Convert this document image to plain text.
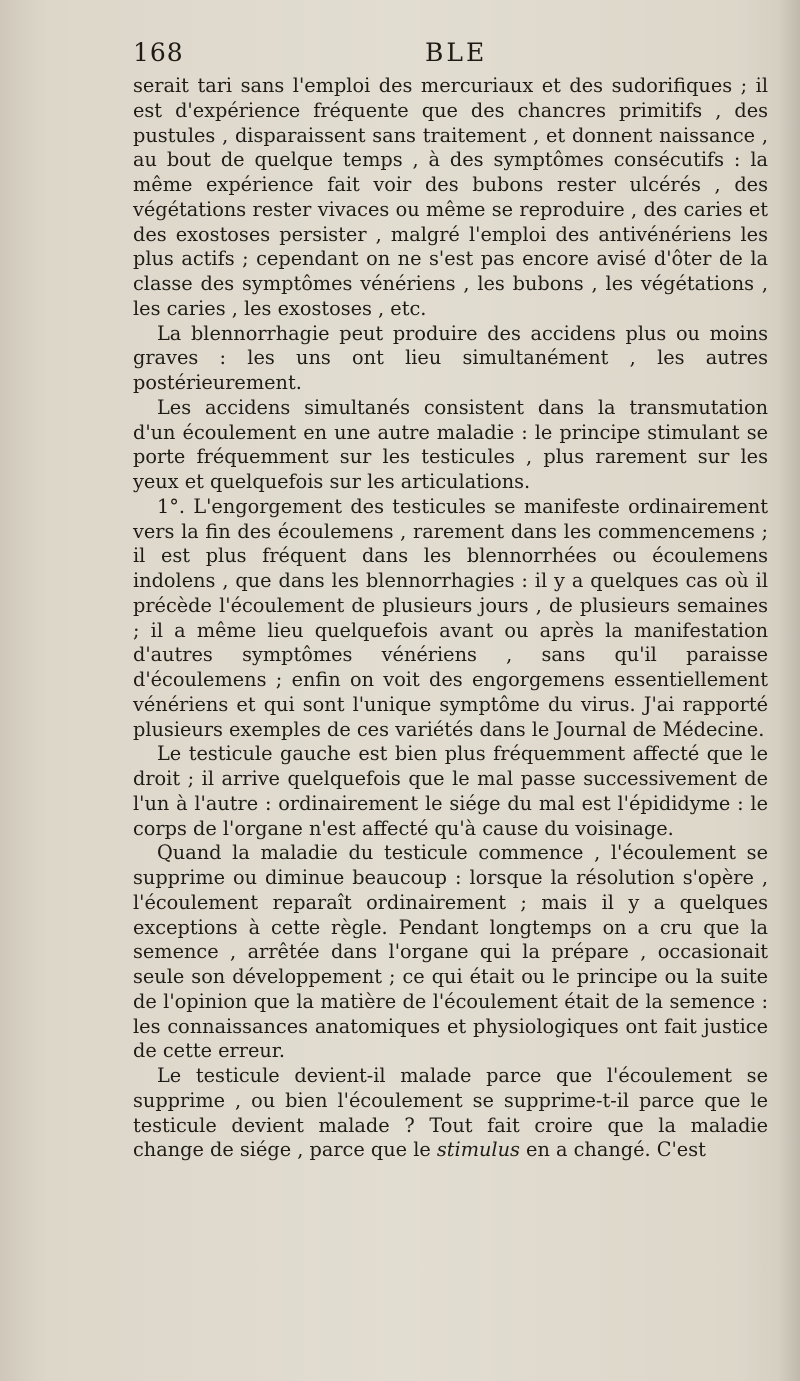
168	BLE

serait tari sans l'emploi des mercuriaux et des sudorifiques ; il est d'expérience fréquente que des chancres primitifs , des pustules , disparaissent sans traitement , et donnent naissance , au bout de quelque temps , à des symptômes consécutifs : la même expérience fait voir des bubons rester ulcérés , des végétations rester vivaces ou même se reproduire , des caries et des exostoses persister , malgré l'emploi des antivénériens les plus actifs ; cependant on ne s'est pas encore avisé d'ôter de la classe des symptômes vénériens , les bubons , les végétations , les caries , les exostoses , etc.

La blennorrhagie peut produire des accidens plus ou moins graves : les uns ont lieu simultanément , les autres postérieurement.

Les accidens simultanés consistent dans la transmutation d'un écoulement en une autre maladie : le principe stimulant se porte fréquemment sur les testicules , plus rarement sur les yeux et quelquefois sur les articulations.

1°. L'engorgement des testicules se manifeste ordinairement vers la fin des écoulemens , rarement dans les commencemens ; il est plus fréquent dans les blennorrhées ou écoulemens indolens , que dans les blennorrhagies : il y a quelques cas où il précède l'écoulement de plusieurs jours , de plusieurs semaines ; il a même lieu quelquefois avant ou après la manifestation d'autres symptômes vénériens , sans qu'il paraisse d'écoulemens ; enfin on voit des engorgemens essentiellement vénériens et qui sont l'unique symptôme du virus. J'ai rapporté plusieurs exemples de ces variétés dans le Journal de Médecine.

Le testicule gauche est bien plus fréquemment affecté que le droit ; il arrive quelquefois que le mal passe successivement de l'un à l'autre : ordinairement le siége du mal est l'épididyme : le corps de l'organe n'est affecté qu'à cause du voisinage.

Quand la maladie du testicule commence , l'écoulement se supprime ou diminue beaucoup : lorsque la résolution s'opère , l'écoulement reparaît ordinairement ; mais il y a quelques exceptions à cette règle. Pendant longtemps on a cru que la semence , arrêtée dans l'organe qui la prépare , occasionait seule son développement ; ce qui était ou le principe ou la suite de l'opinion que la matière de l'écoulement était de la semence : les connaissances anatomiques et physiologiques ont fait justice de cette erreur.

Le testicule devient-il malade parce que l'écoulement se supprime , ou bien l'écoulement se supprime-t-il parce que le testicule devient malade ? Tout fait croire que la maladie change de siége , parce que le stimulus en a changé. C'est
